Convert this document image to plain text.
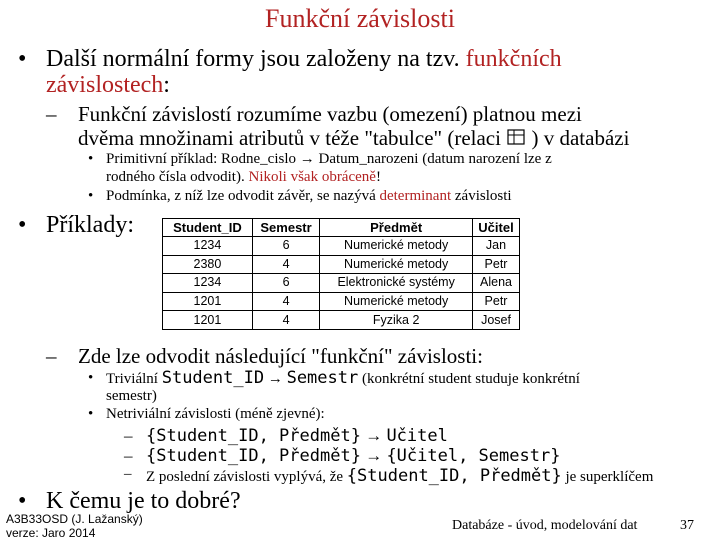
Funkční závislosti
• Další normální formy jsou založeny na tzv. funkčních
závislostech:
– Funkční závislostí rozumíme vazbu (omezení) platnou mezi
dvěma množinami atributů v téže "tabulce" (relaci ) v databázi
• Primitivní příklad: Rodne_cislo → Datum_narozeni (datum narození lze z
rodného čísla odvodit). Nikoli však obráceně!
• Podmínka, z níž lze odvodit závěr, se nazývá determinant závislosti
• Příklady:	Student_ID	Semestr	Předmět	Učitel
1234	6	Numerické metody	Jan
2380	4	Numerické metody	Petr
1234	6	Elektronické systémy	Alena
1201	4	Numerické metody	Petr
1201	4	Fyzika 2	Josef
– Zde lze odvodit následující "funkční" závislosti:
• Triviální Student_ID → Semestr (konkrétní student studuje konkrétní
semestr)
• Netriviální závislosti (méně zjevné):
– {Student_ID, Předmět} → Učitel
– {Student_ID, Předmět} → {Učitel, Semestr}
– Z poslední závislosti vyplývá, že {Student_ID, Předmět} je superklíčem
• K čemu je to dobré?
A3B33OSD (J. Lažanský)
verze: Jaro 2014	Databáze - úvod, modelování dat	37
